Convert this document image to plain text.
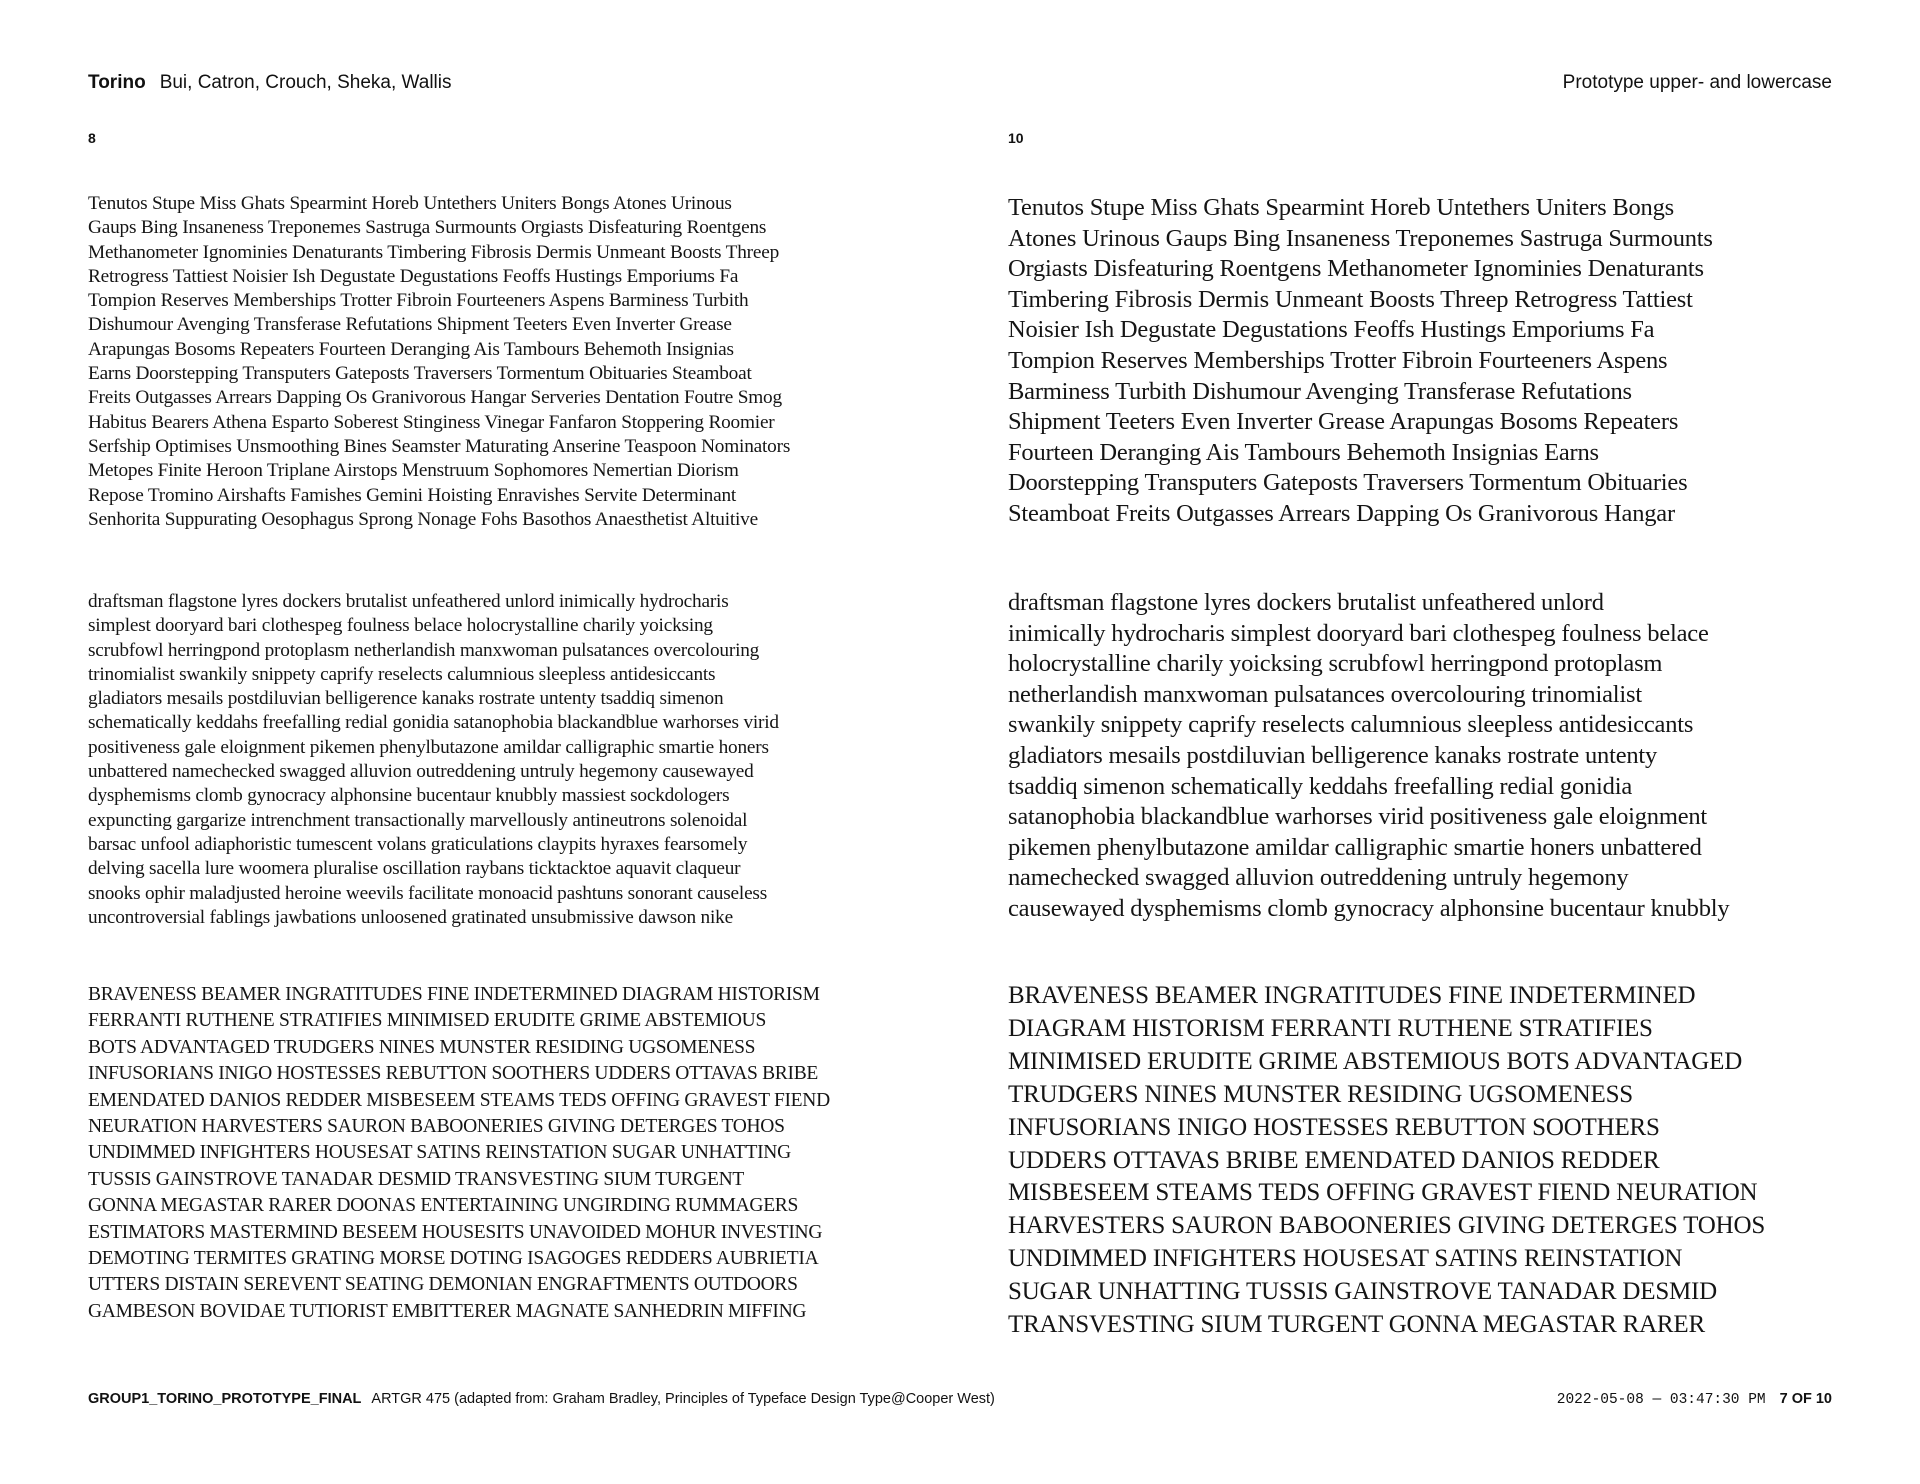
Torino Bui, Catron, Crouch, Sheka, Wallis	Prototype upper- and lowercase
8	10
Tenutos Stupe Miss Ghats Spearmint Horeb Untethers Uniters Bongs Atones Urinous
Gaups Bing Insaneness Treponemes Sastruga Surmounts Orgiasts Disfeaturing Roentgens
Methanometer Ignominies Denaturants Timbering Fibrosis Dermis Unmeant Boosts Threep
Retrogress Tattiest Noisier Ish Degustate Degustations Feoffs Hustings Emporiums Fa
Tompion Reserves Memberships Trotter Fibroin Fourteeners Aspens Barminess Turbith
Dishumour Avenging Transferase Refutations Shipment Teeters Even Inverter Grease
Arapungas Bosoms Repeaters Fourteen Deranging Ais Tambours Behemoth Insignias
Earns Doorstepping Transputers Gateposts Traversers Tormentum Obituaries Steamboat
Freits Outgasses Arrears Dapping Os Granivorous Hangar Serveries Dentation Foutre Smog
Habitus Bearers Athena Esparto Soberest Stinginess Vinegar Fanfaron Stoppering Roomier
Serfship Optimises Unsmoothing Bines Seamster Maturating Anserine Teaspoon Nominators
Metopes Finite Heroon Triplane Airstops Menstruum Sophomores Nemertian Diorism
Repose Tromino Airshafts Famishes Gemini Hoisting Enravishes Servite Determinant
Senhorita Suppurating Oesophagus Sprong Nonage Fohs Basothos Anaesthetist Altuitive
draftsman flagstone lyres dockers brutalist unfeathered unlord inimically hydrocharis
simplest dooryard bari clothespeg foulness belace holocrystalline charily yoicksing
scrubfowl herringpond protoplasm netherlandish manxwoman pulsatances overcolouring
trinomialist swankily snippety caprify reselects calumnious sleepless antidesiccants
gladiators mesails postdiluvian belligerence kanaks rostrate untenty tsaddiq simenon
schematically keddahs freefalling redial gonidia satanophobia blackandblue warhorses virid
positiveness gale eloignment pikemen phenylbutazone amildar calligraphic smartie honers
unbattered namechecked swagged alluvion outreddening untruly hegemony causewayed
dysphemisms clomb gynocracy alphonsine bucentaur knubbly massiest sockdologers
expuncting gargarize intrenchment transactionally marvellously antineutrons solenoidal
barsac unfool adiaphoristic tumescent volans graticulations claypits hyraxes fearsomely
delving sacella lure woomera pluralise oscillation raybans ticktacktoe aquavit claqueur
snooks ophir maladjusted heroine weevils facilitate monoacid pashtuns sonorant causeless
uncontroversial fablings jawbations unloosened gratinated unsubmissive dawson nike
BRAVENESS BEAMER INGRATITUDES FINE INDETERMINED DIAGRAM HISTORISM
FERRANTI RUTHENE STRATIFIES MINIMISED ERUDITE GRIME ABSTEMIOUS
BOTS ADVANTAGED TRUDGERS NINES MUNSTER RESIDING UGSOMENESS
INFUSORIANS INIGO HOSTESSES REBUTTON SOOTHERS UDDERS OTTAVAS BRIBE
EMENDATED DANIOS REDDER MISBESEEM STEAMS TEDS OFFING GRAVEST FIEND
NEURATION HARVESTERS SAURON BABOONERIES GIVING DETERGES TOHOS
UNDIMMED INFIGHTERS HOUSESAT SATINS REINSTATION SUGAR UNHATTING
TUSSIS GAINSTROVE TANADAR DESMID TRANSVESTING SIUM TURGENT
GONNA MEGASTAR RARER DOONAS ENTERTAINING UNGIRDING RUMMAGERS
ESTIMATORS MASTERMIND BESEEM HOUSESITS UNAVOIDED MOHUR INVESTING
DEMOTING TERMITES GRATING MORSE DOTING ISAGOGES REDDERS AUBRIETIA
UTTERS DISTAIN SEREVENT SEATING DEMONIAN ENGRAFTMENTS OUTDOORS
GAMBESON BOVIDAE TUTIORIST EMBITTERER MAGNATE SANHEDRIN MIFFING
Tenutos Stupe Miss Ghats Spearmint Horeb Untethers Uniters Bongs
Atones Urinous Gaups Bing Insaneness Treponemes Sastruga Surmounts
Orgiasts Disfeaturing Roentgens Methanometer Ignominies Denaturants
Timbering Fibrosis Dermis Unmeant Boosts Threep Retrogress Tattiest
Noisier Ish Degustate Degustations Feoffs Hustings Emporiums Fa
Tompion Reserves Memberships Trotter Fibroin Fourteeners Aspens
Barminess Turbith Dishumour Avenging Transferase Refutations
Shipment Teeters Even Inverter Grease Arapungas Bosoms Repeaters
Fourteen Deranging Ais Tambours Behemoth Insignias Earns
Doorstepping Transputers Gateposts Traversers Tormentum Obituaries
Steamboat Freits Outgasses Arrears Dapping Os Granivorous Hangar
draftsman flagstone lyres dockers brutalist unfeathered unlord
inimically hydrocharis simplest dooryard bari clothespeg foulness belace
holocrystalline charily yoicksing scrubfowl herringpond protoplasm
netherlandish manxwoman pulsatances overcolouring trinomialist
swankily snippety caprify reselects calumnious sleepless antidesiccants
gladiators mesails postdiluvian belligerence kanaks rostrate untenty
tsaddiq simenon schematically keddahs freefalling redial gonidia
satanophobia blackandblue warhorses virid positiveness gale eloignment
pikemen phenylbutazone amildar calligraphic smartie honers unbattered
namechecked swagged alluvion outreddening untruly hegemony
causewayed dysphemisms clomb gynocracy alphonsine bucentaur knubbly
BRAVENESS BEAMER INGRATITUDES FINE INDETERMINED
DIAGRAM HISTORISM FERRANTI RUTHENE STRATIFIES
MINIMISED ERUDITE GRIME ABSTEMIOUS BOTS ADVANTAGED
TRUDGERS NINES MUNSTER RESIDING UGSOMENESS
INFUSORIANS INIGO HOSTESSES REBUTTON SOOTHERS
UDDERS OTTAVAS BRIBE EMENDATED DANIOS REDDER
MISBESEEM STEAMS TEDS OFFING GRAVEST FIEND NEURATION
HARVESTERS SAURON BABOONERIES GIVING DETERGES TOHOS
UNDIMMED INFIGHTERS HOUSESAT SATINS REINSTATION
SUGAR UNHATTING TUSSIS GAINSTROVE TANADAR DESMID
TRANSVESTING SIUM TURGENT GONNA MEGASTAR RARER
GROUP1_TORINO_PROTOTYPE_FINAL ARTGR 475 (adapted from: Graham Bradley, Principles of Typeface Design Type@Cooper West)	2022-05-08 — 03:47:30 PM 7 OF 10
